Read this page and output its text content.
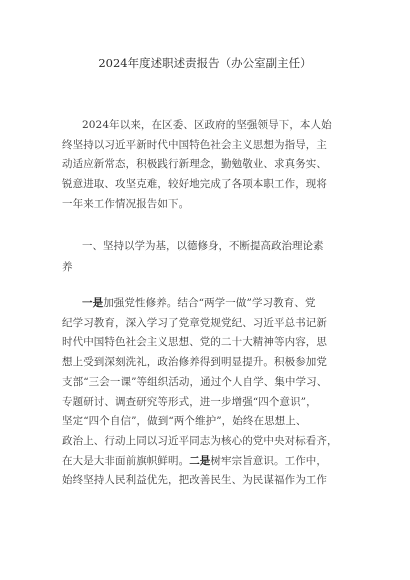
2024年度述职述责报告（办公室副主任）

2024年以来，在区委、区政府的坚强领导下，本人始
终坚持以习近平新时代中国特色社会主义思想为指导，主
动适应新常态，积极践行新理念，勤勉敬业、求真务实、
锐意进取、攻坚克难，较好地完成了各项本职工作，现将
一年来工作情况报告如下。

一、坚持以学为基，以德修身，不断提高政治理论素
养

一是加强党性修养。结合“两学一做”学习教育、党
纪学习教育，深入学习了党章党规党纪、习近平总书记新
时代中国特色社会主义思想、党的二十大精神等内容，思
想上受到深刻洗礼，政治修养得到明显提升。积极参加党
支部“三会一课”等组织活动，通过个人自学、集中学习、
专题研讨、调查研究等形式，进一步增强“四个意识”，
坚定“四个自信”，做到“两个维护”，始终在思想上、
政治上、行动上同以习近平同志为核心的党中央对标看齐，
在大是大非面前旗帜鲜明。二是树牢宗旨意识。工作中，
始终坚持人民利益优先，把改善民生、为民谋福作为工作
